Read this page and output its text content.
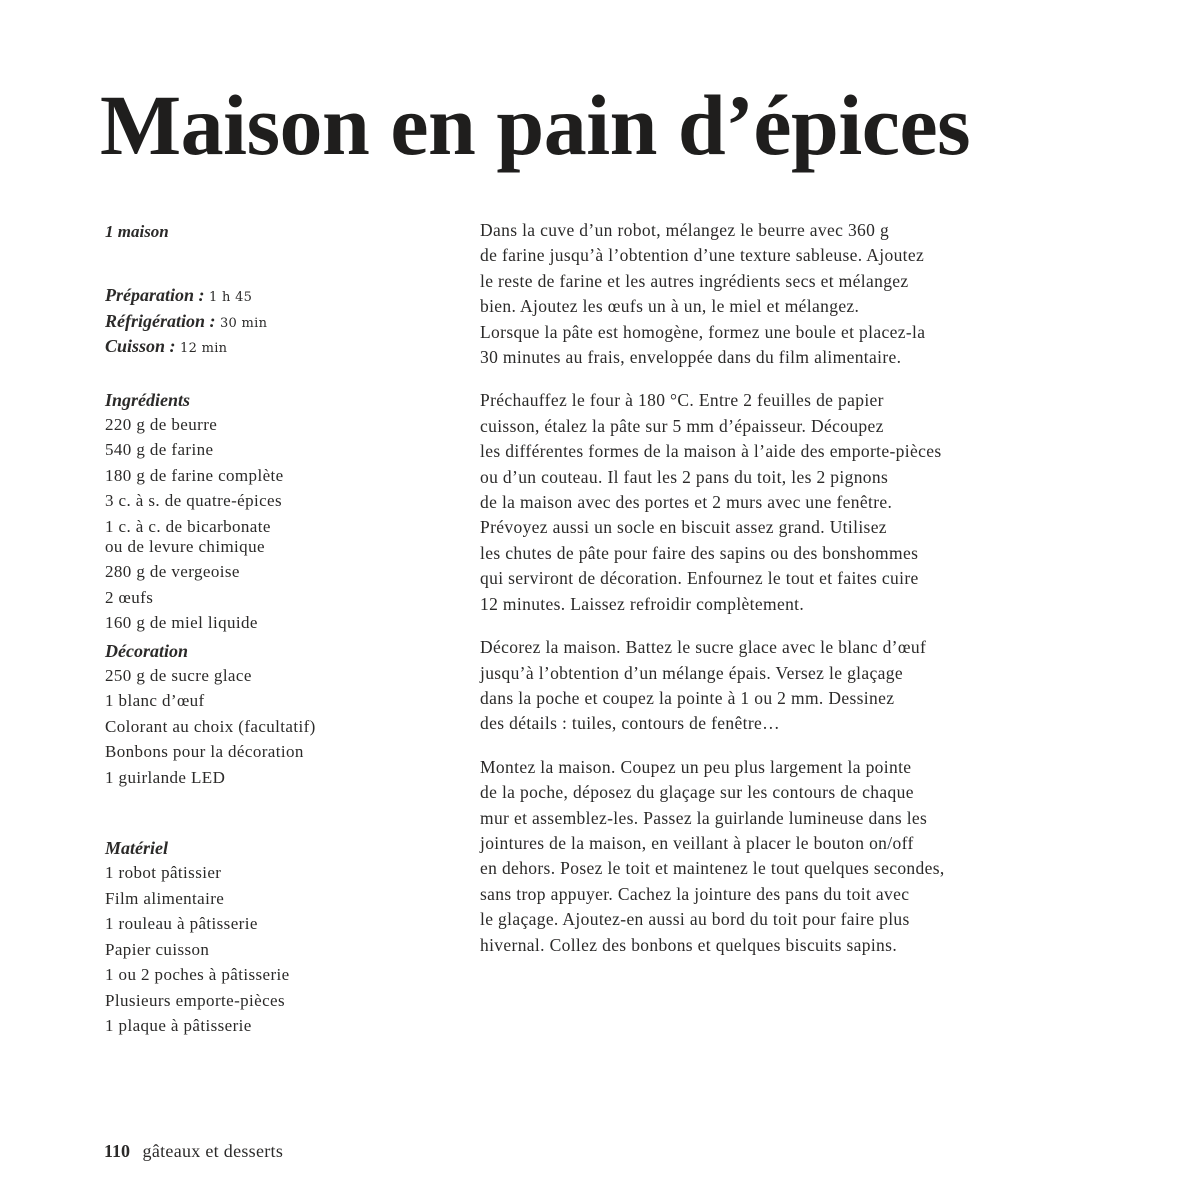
Maison en pain d’épices

1 maison

Préparation : 1 h 45
Réfrigération : 30 min
Cuisson : 12 min
Ingrédients
220 g de beurre
540 g de farine
180 g de farine complète
3 c. à s. de quatre-épices
1 c. à c. de bicarbonate
ou de levure chimique
280 g de vergeoise
2 œufs
160 g de miel liquide
Décoration
250 g de sucre glace
1 blanc d’œuf
Colorant au choix (facultatif)
Bonbons pour la décoration
1 guirlande LED
Matériel
1 robot pâtissier
Film alimentaire
1 rouleau à pâtisserie
Papier cuisson
1 ou 2 poches à pâtisserie
Plusieurs emporte-pièces
1 plaque à pâtisserie

Dans la cuve d’un robot, mélangez le beurre avec 360 g
de farine jusqu’à l’obtention d’une texture sableuse. Ajoutez
le reste de farine et les autres ingrédients secs et mélangez
bien. Ajoutez les œufs un à un, le miel et mélangez.
Lorsque la pâte est homogène, formez une boule et placez-la
30 minutes au frais, enveloppée dans du film alimentaire.

Préchauffez le four à 180 °C. Entre 2 feuilles de papier
cuisson, étalez la pâte sur 5 mm d’épaisseur. Découpez
les différentes formes de la maison à l’aide des emporte-pièces
ou d’un couteau. Il faut les 2 pans du toit, les 2 pignons
de la maison avec des portes et 2 murs avec une fenêtre.
Prévoyez aussi un socle en biscuit assez grand. Utilisez
les chutes de pâte pour faire des sapins ou des bonshommes
qui serviront de décoration. Enfournez le tout et faites cuire
12 minutes. Laissez refroidir complètement.

Décorez la maison. Battez le sucre glace avec le blanc d’œuf
jusqu’à l’obtention d’un mélange épais. Versez le glaçage
dans la poche et coupez la pointe à 1 ou 2 mm. Dessinez
des détails : tuiles, contours de fenêtre…

Montez la maison. Coupez un peu plus largement la pointe
de la poche, déposez du glaçage sur les contours de chaque
mur et assemblez-les. Passez la guirlande lumineuse dans les
jointures de la maison, en veillant à placer le bouton on/off
en dehors. Posez le toit et maintenez le tout quelques secondes,
sans trop appuyer. Cachez la jointure des pans du toit avec
le glaçage. Ajoutez-en aussi au bord du toit pour faire plus
hivernal. Collez des bonbons et quelques biscuits sapins.

110 gâteaux et desserts
